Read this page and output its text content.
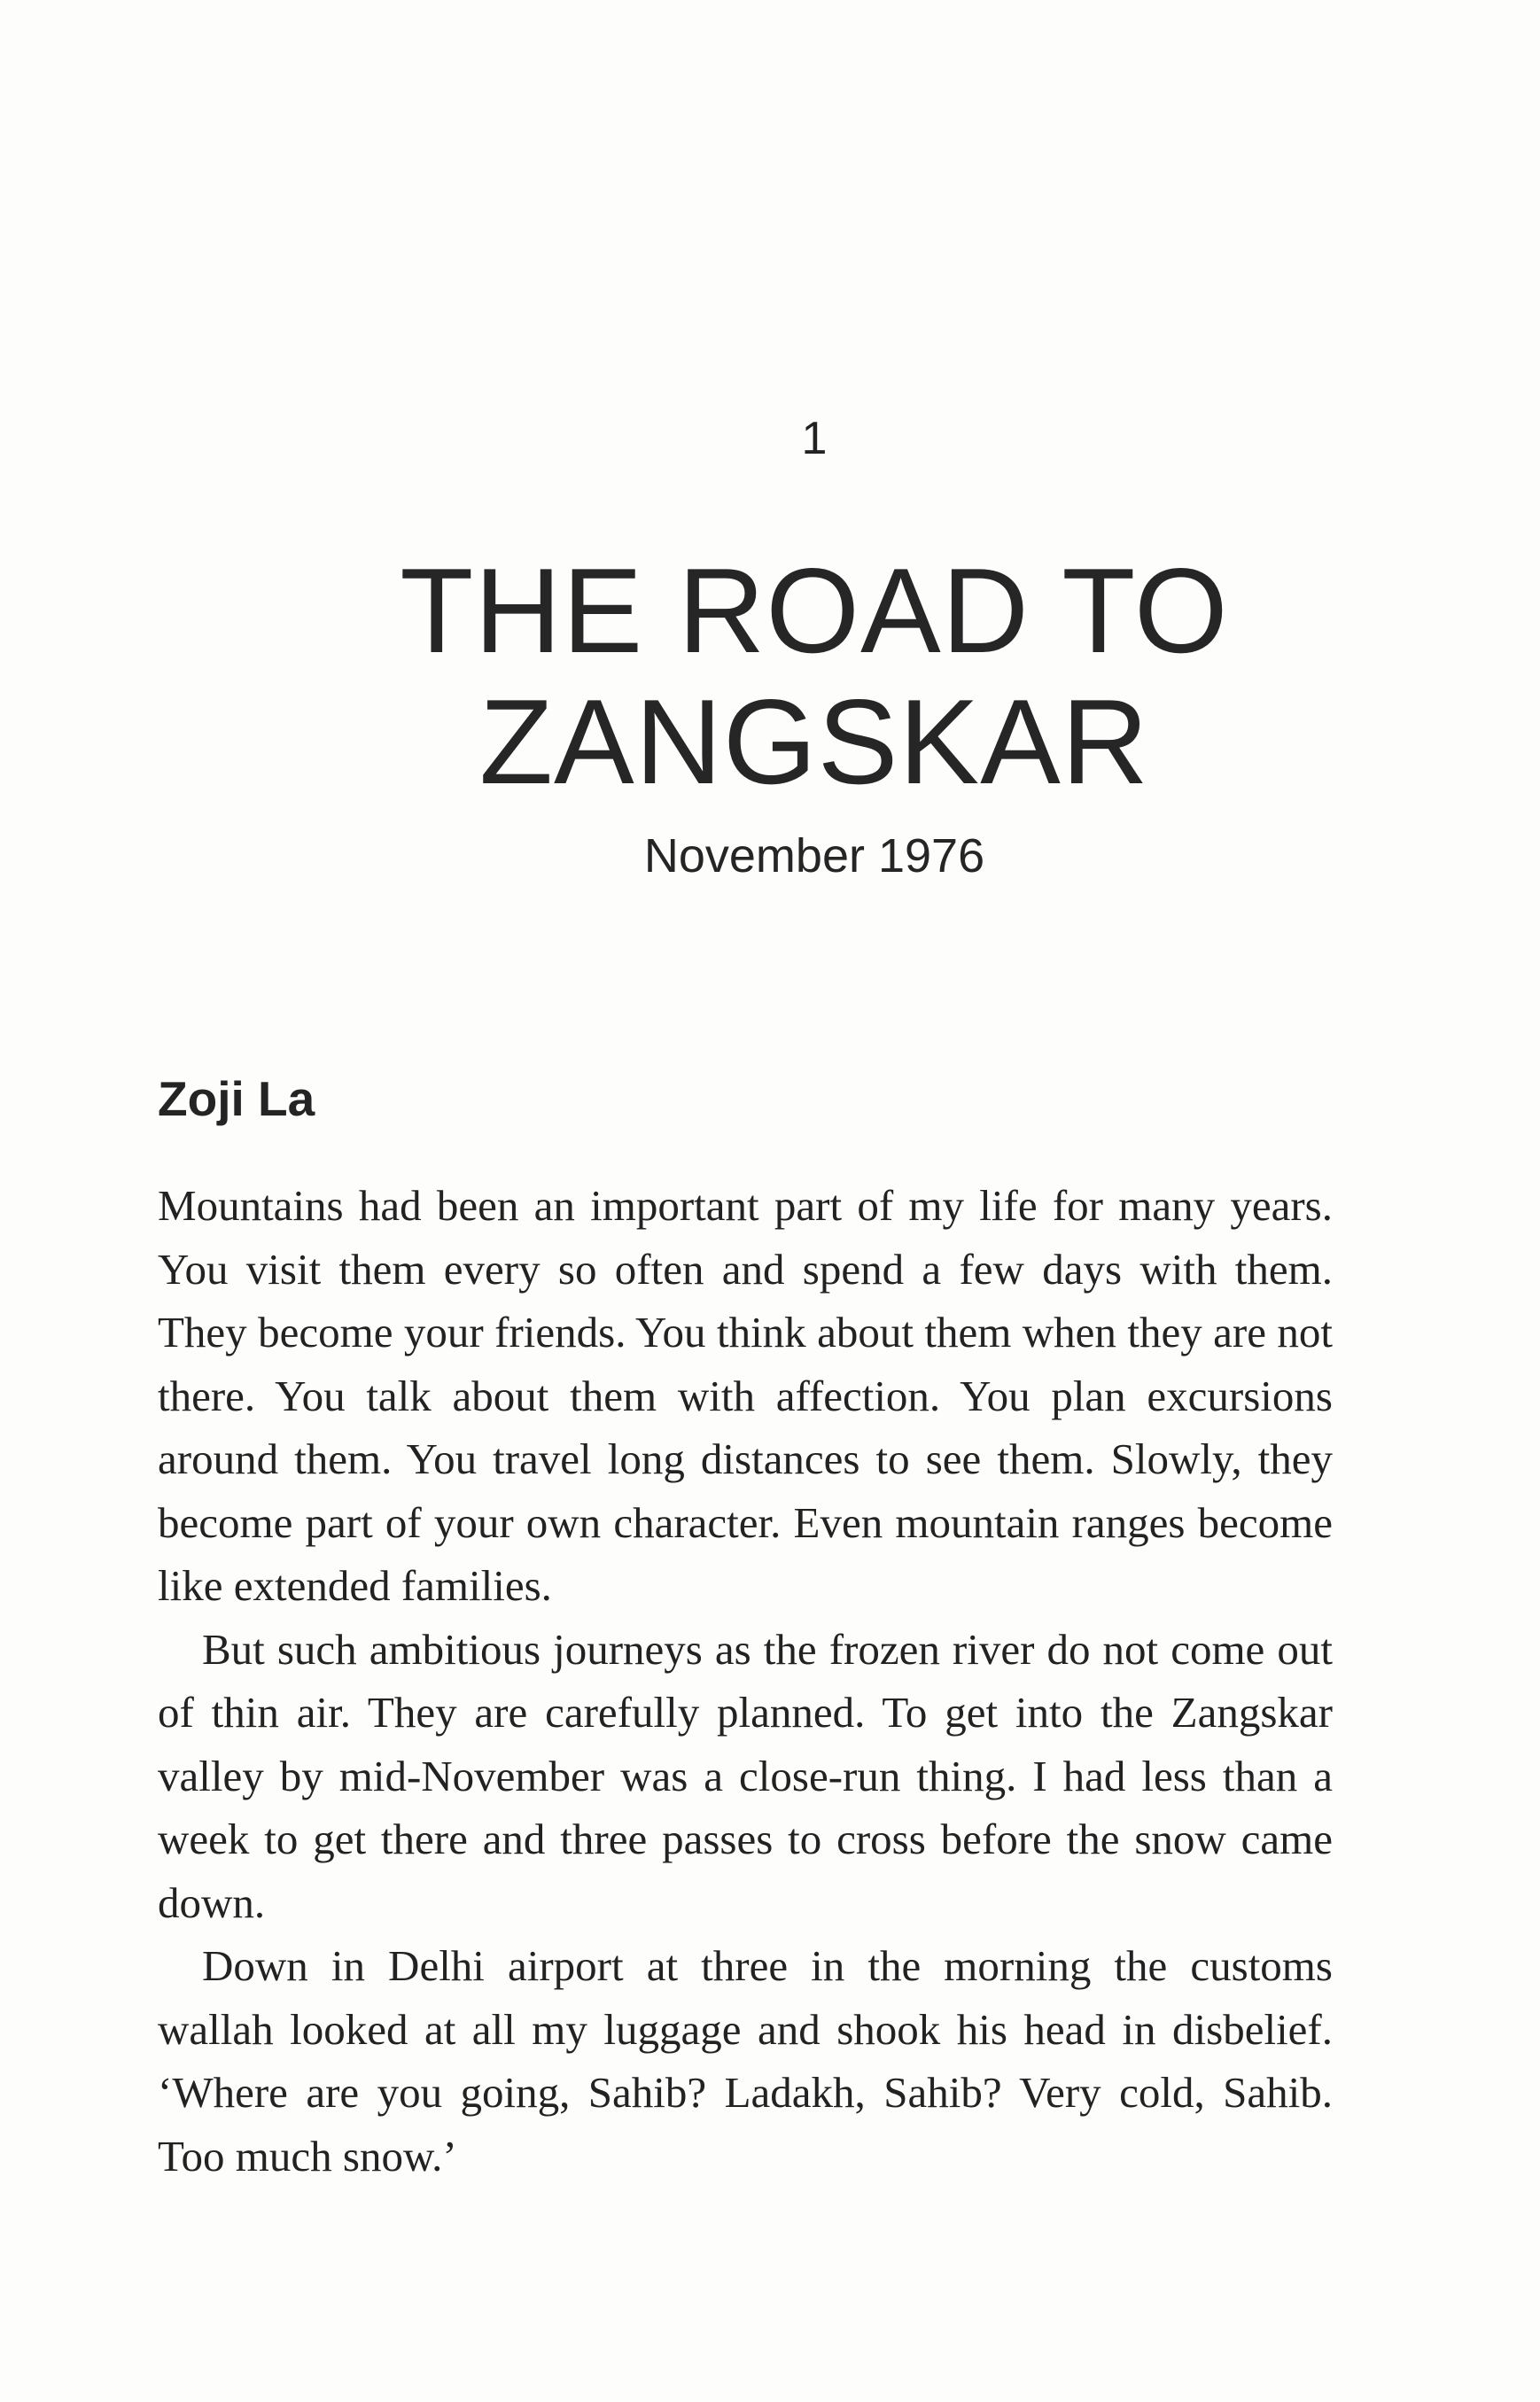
1
THE ROAD TO
ZANGSKAR
November 1976
Zoji La

Mountains had been an important part of my life for many years. You visit them every so often and spend a few days with them. They become your friends. You think about them when they are not there. You talk about them with affection. You plan excursions around them. You travel long distances to see them. Slowly, they become part of your own character. Even mountain ranges become like extended families.

But such ambitious journeys as the frozen river do not come out of thin air. They are carefully planned. To get into the Zangskar valley by mid-November was a close-run thing. I had less than a week to get there and three passes to cross before the snow came down.

Down in Delhi airport at three in the morning the customs wallah looked at all my luggage and shook his head in disbelief. ‘Where are you going, Sahib? Ladakh, Sahib? Very cold, Sahib. Too much snow.’
